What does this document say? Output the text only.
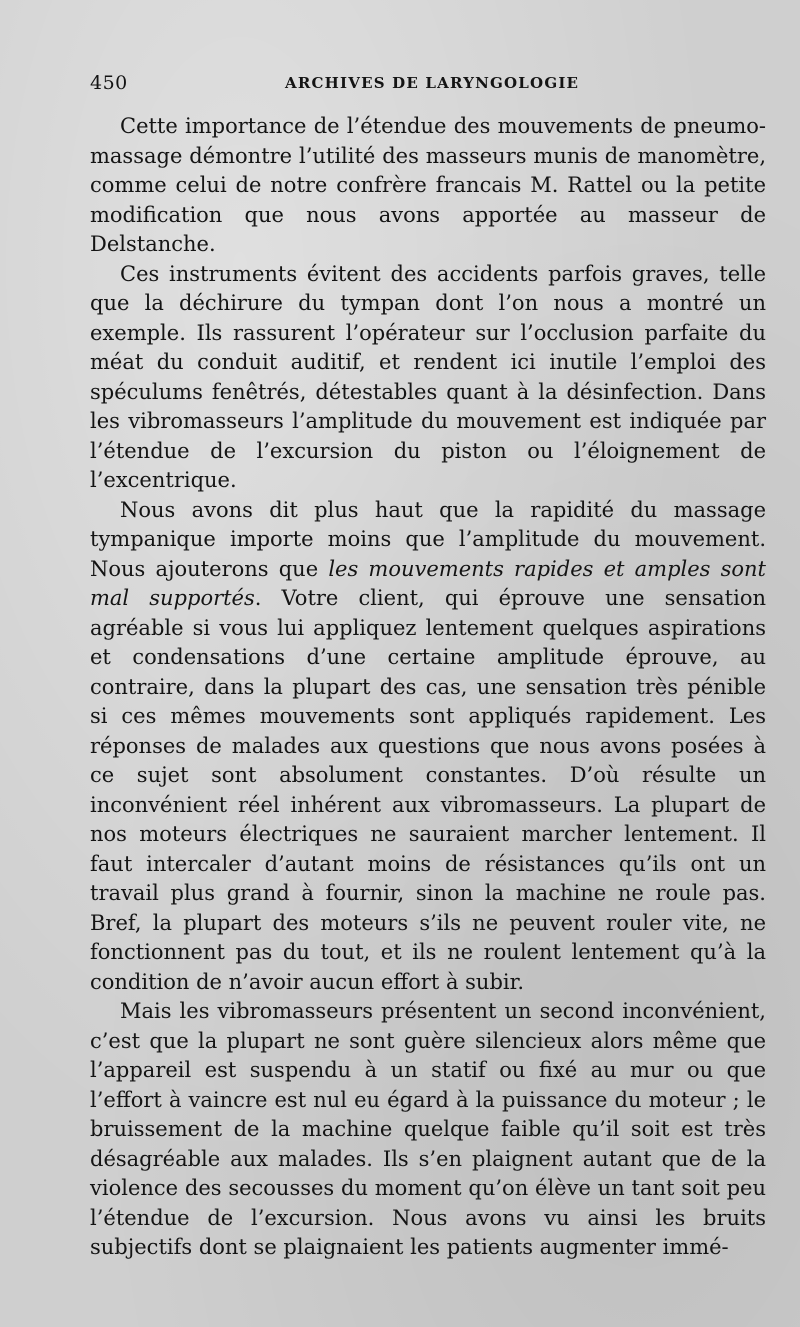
450	ARCHIVES DE LARYNGOLOGIE

Cette importance de l’étendue des mouvements de pneumo-massage démontre l’utilité des masseurs munis de manomètre, comme celui de notre confrère francais M. Rattel ou la petite modification que nous avons apportée au masseur de Delstanche.

Ces instruments évitent des accidents parfois graves, telle que la déchirure du tympan dont l’on nous a montré un exemple. Ils rassurent l’opérateur sur l’occlusion parfaite du méat du conduit auditif, et rendent ici inutile l’emploi des spéculums fenêtrés, détestables quant à la désinfection. Dans les vibromasseurs l’amplitude du mouvement est indiquée par l’étendue de l’excursion du piston ou l’éloignement de l’excentrique.

Nous avons dit plus haut que la rapidité du massage tympanique importe moins que l’amplitude du mouvement. Nous ajouterons que les mouvements rapides et amples sont mal supportés. Votre client, qui éprouve une sensation agréable si vous lui appliquez lentement quelques aspirations et condensations d’une certaine amplitude éprouve, au contraire, dans la plupart des cas, une sensation très pénible si ces mêmes mouvements sont appliqués rapidement. Les réponses de malades aux questions que nous avons posées à ce sujet sont absolument constantes. D’où résulte un inconvénient réel inhérent aux vibromasseurs. La plupart de nos moteurs électriques ne sauraient marcher lentement. Il faut intercaler d’autant moins de résistances qu’ils ont un travail plus grand à fournir, sinon la machine ne roule pas. Bref, la plupart des moteurs s’ils ne peuvent rouler vite, ne fonctionnent pas du tout, et ils ne roulent lentement qu’à la condition de n’avoir aucun effort à subir.

Mais les vibromasseurs présentent un second inconvénient, c’est que la plupart ne sont guère silencieux alors même que l’appareil est suspendu à un statif ou fixé au mur ou que l’effort à vaincre est nul eu égard à la puissance du moteur ; le bruissement de la machine quelque faible qu’il soit est très désagréable aux malades. Ils s’en plaignent autant que de la violence des secousses du moment qu’on élève un tant soit peu l’étendue de l’excursion. Nous avons vu ainsi les bruits subjectifs dont se plaignaient les patients augmenter immé-
